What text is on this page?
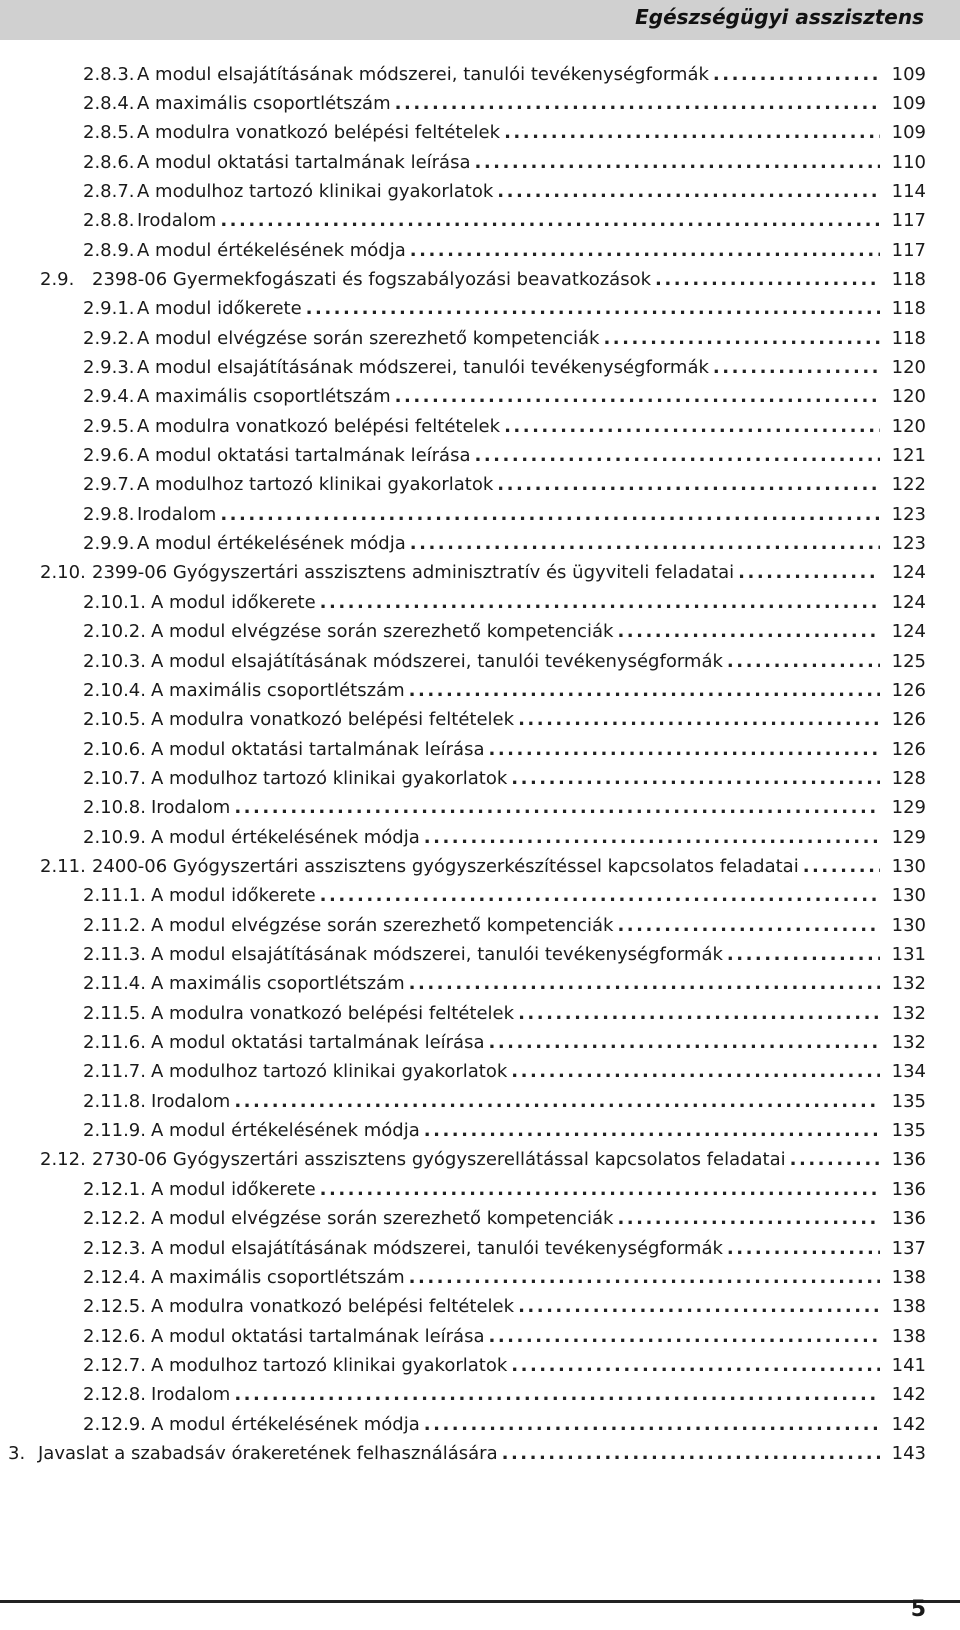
Egészségügyi asszisztens
2.8.3. A modul elsajátításának módszerei, tanulói tevékenységformák .....	109
2.8.4. A maximális csoportlétszám .....	109
2.8.5. A modulra vonatkozó belépési feltételek .....	109
2.8.6. A modul oktatási tartalmának leírása .....	110
2.8.7. A modulhoz tartozó klinikai gyakorlatok .....	114
2.8.8. Irodalom .....	117
2.8.9. A modul értékelésének módja .....	117
2.9. 2398-06 Gyermekfogászati és fogszabályozási beavatkozások .....	118
2.9.1. A modul időkerete .....	118
2.9.2. A modul elvégzése során szerezhető kompetenciák .....	118
2.9.3. A modul elsajátításának módszerei, tanulói tevékenységformák .....	120
2.9.4. A maximális csoportlétszám .....	120
2.9.5. A modulra vonatkozó belépési feltételek .....	120
2.9.6. A modul oktatási tartalmának leírása .....	121
2.9.7. A modulhoz tartozó klinikai gyakorlatok .....	122
2.9.8. Irodalom .....	123
2.9.9. A modul értékelésének módja .....	123
2.10. 2399-06 Gyógyszertári asszisztens adminisztratív és ügyviteli feladatai .....	124
2.10.1. A modul időkerete .....	124
2.10.2. A modul elvégzése során szerezhető kompetenciák .....	124
2.10.3. A modul elsajátításának módszerei, tanulói tevékenységformák .....	125
2.10.4. A maximális csoportlétszám .....	126
2.10.5. A modulra vonatkozó belépési feltételek .....	126
2.10.6. A modul oktatási tartalmának leírása .....	126
2.10.7. A modulhoz tartozó klinikai gyakorlatok .....	128
2.10.8. Irodalom .....	129
2.10.9. A modul értékelésének módja .....	129
2.11. 2400-06 Gyógyszertári asszisztens gyógyszerkészítéssel kapcsolatos feladatai .....	130
2.11.1. A modul időkerete .....	130
2.11.2. A modul elvégzése során szerezhető kompetenciák .....	130
2.11.3. A modul elsajátításának módszerei, tanulói tevékenységformák .....	131
2.11.4. A maximális csoportlétszám .....	132
2.11.5. A modulra vonatkozó belépési feltételek .....	132
2.11.6. A modul oktatási tartalmának leírása .....	132
2.11.7. A modulhoz tartozó klinikai gyakorlatok .....	134
2.11.8. Irodalom .....	135
2.11.9. A modul értékelésének módja .....	135
2.12. 2730-06 Gyógyszertári asszisztens gyógyszerellátással kapcsolatos feladatai .....	136
2.12.1. A modul időkerete .....	136
2.12.2. A modul elvégzése során szerezhető kompetenciák .....	136
2.12.3. A modul elsajátításának módszerei, tanulói tevékenységformák .....	137
2.12.4. A maximális csoportlétszám .....	138
2.12.5. A modulra vonatkozó belépési feltételek .....	138
2.12.6. A modul oktatási tartalmának leírása .....	138
2.12.7. A modulhoz tartozó klinikai gyakorlatok .....	141
2.12.8. Irodalom .....	142
2.12.9. A modul értékelésének módja .....	142
3. Javaslat a szabadsáv órakeretének felhasználására .....	143
5
